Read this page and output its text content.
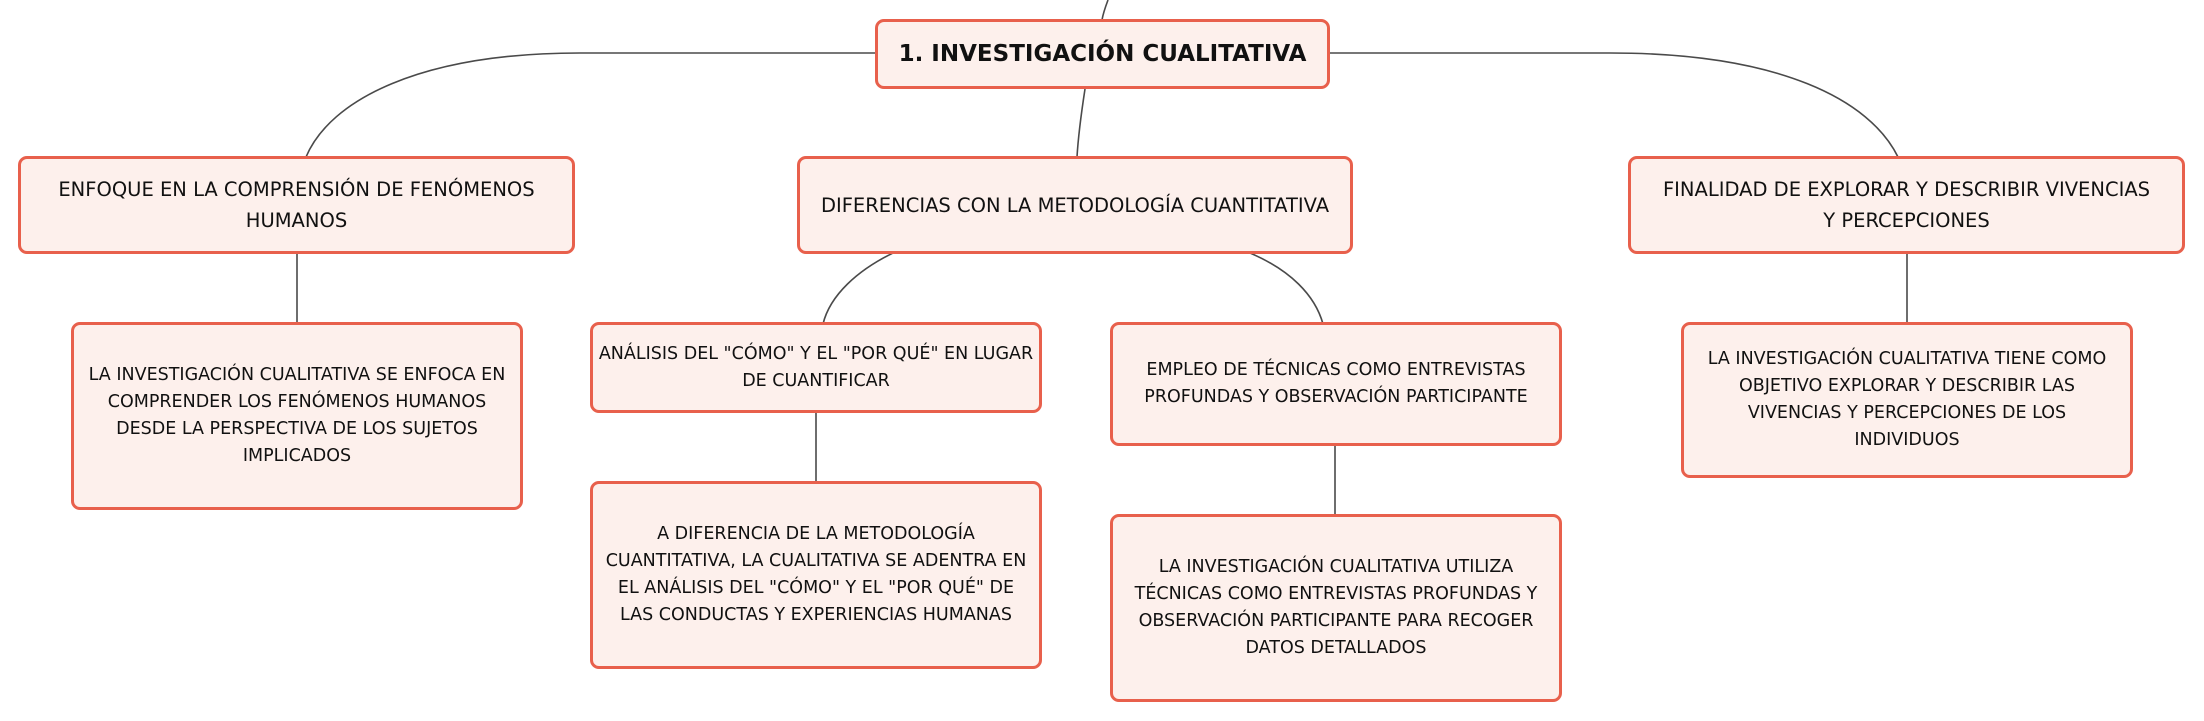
1. INVESTIGACIÓN CUALITATIVA
ENFOQUE EN LA COMPRENSIÓN DE FENÓMENOS HUMANOS
DIFERENCIAS CON LA METODOLOGÍA CUANTITATIVA
FINALIDAD DE EXPLORAR Y DESCRIBIR VIVENCIAS Y PERCEPCIONES
LA INVESTIGACIÓN CUALITATIVA SE ENFOCA EN COMPRENDER LOS FENÓMENOS HUMANOS DESDE LA PERSPECTIVA DE LOS SUJETOS IMPLICADOS
ANÁLISIS DEL "CÓMO" Y EL "POR QUÉ" EN LUGAR DE CUANTIFICAR
EMPLEO DE TÉCNICAS COMO ENTREVISTAS PROFUNDAS Y OBSERVACIÓN PARTICIPANTE
LA INVESTIGACIÓN CUALITATIVA TIENE COMO OBJETIVO EXPLORAR Y DESCRIBIR LAS VIVENCIAS Y PERCEPCIONES DE LOS INDIVIDUOS
A DIFERENCIA DE LA METODOLOGÍA CUANTITATIVA, LA CUALITATIVA SE ADENTRA EN EL ANÁLISIS DEL "CÓMO" Y EL "POR QUÉ" DE LAS CONDUCTAS Y EXPERIENCIAS HUMANAS
LA INVESTIGACIÓN CUALITATIVA UTILIZA TÉCNICAS COMO ENTREVISTAS PROFUNDAS Y OBSERVACIÓN PARTICIPANTE PARA RECOGER DATOS DETALLADOS
